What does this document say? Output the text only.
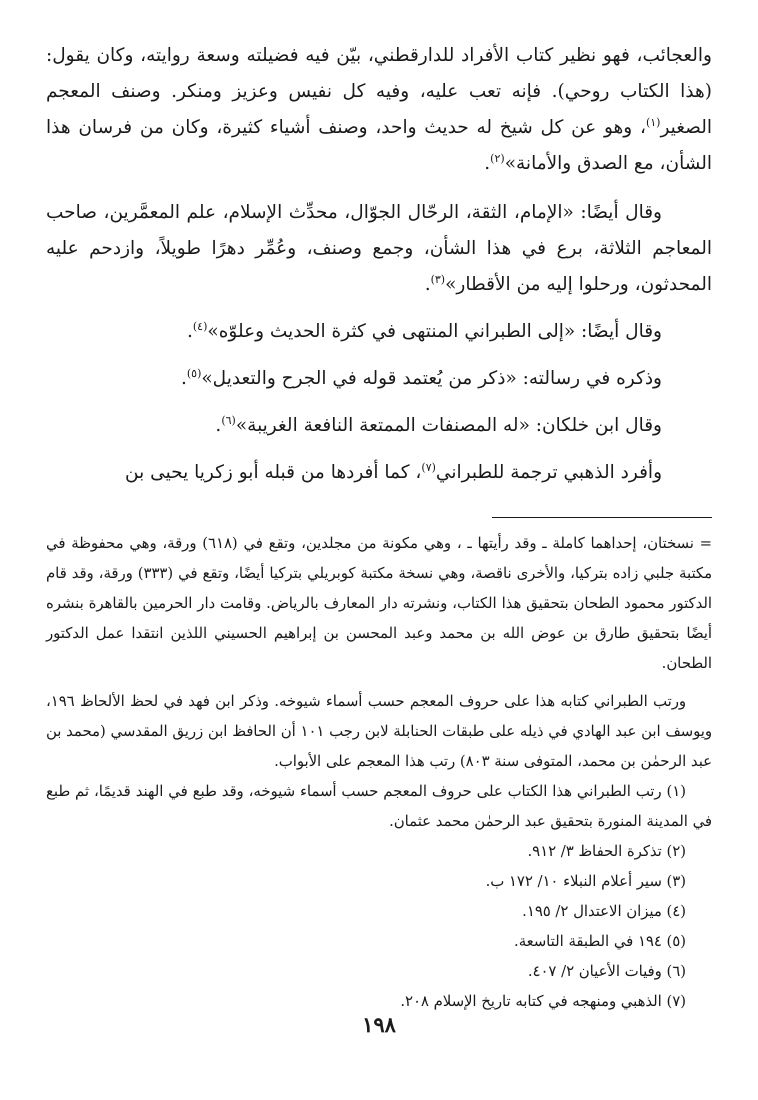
والعجائب، فهو نظير كتاب الأفراد للدارقطني، بيّن فيه فضيلته وسعة روايته، وكان يقول: (هذا الكتاب روحي). فإنه تعب عليه، وفيه كل نفيس وعزيز ومنكر. وصنف المعجم الصغير$^{(١)}$، وهو عن كل شيخ له حديث واحد، وصنف أشياء كثيرة، وكان من فرسان هذا الشأن، مع الصدق والأمانة»$^{(٢)}$.

وقال أيضًا: «الإمام، الثقة، الرحّال الجوّال، محدِّث الإسلام، علم المعمَّرين، صاحب المعاجم الثلاثة، برع في هذا الشأن، وجمع وصنف، وعُمِّر دهرًا طويلاً، وازدحم عليه المحدثون، ورحلوا إليه من الأقطار»$^{(٣)}$.

وقال أيضًا: «إلى الطبراني المنتهى في كثرة الحديث وعلوّه»$^{(٤)}$.

وذكره في رسالته: «ذكر من يُعتمد قوله في الجرح والتعديل»$^{(٥)}$.

وقال ابن خلكان: «له المصنفات الممتعة النافعة الغريبة»$^{(٦)}$.

وأفرد الذهبي ترجمة للطبراني$^{(٧)}$، كما أفردها من قبله أبو زكريا يحيى بن

= نسختان، إحداهما كاملة ـ وقد رأيتها ـ ، وهي مكونة من مجلدين، وتقع في (٦١٨) ورقة، وهي محفوظة في مكتبة جلبي زاده بتركيا، والأخرى ناقصة، وهي نسخة مكتبة كوبريلي بتركيا أيضًا، وتقع في (٣٣٣) ورقة، وقد قام الدكتور محمود الطحان بتحقيق هذا الكتاب، ونشرته دار المعارف بالرياض. وقامت دار الحرمين بالقاهرة بنشره أيضًا بتحقيق طارق بن عوض الله بن محمد وعبد المحسن بن إبراهيم الحسيني اللذين انتقدا عمل الدكتور الطحان.

ورتب الطبراني كتابه هذا على حروف المعجم حسب أسماء شيوخه. وذكر ابن فهد في لحظ الألحاظ ١٩٦، ويوسف ابن عبد الهادي في ذيله على طبقات الحنابلة لابن رجب ١٠١ أن الحافظ ابن زريق المقدسي (محمد بن عبد الرحمٰن بن محمد، المتوفى سنة ٨٠٣) رتب هذا المعجم على الأبواب.

(١) رتب الطبراني هذا الكتاب على حروف المعجم حسب أسماء شيوخه، وقد طبع في الهند قديمًا، ثم طبع في المدينة المنورة بتحقيق عبد الرحمٰن محمد عثمان.

(٢) تذكرة الحفاظ ٣/ ٩١٢.

(٣) سير أعلام النبلاء ١٠/ ١٧٢ ب.

(٤) ميزان الاعتدال ٢/ ١٩٥.

(٥) ١٩٤ في الطبقة التاسعة.

(٦) وفيات الأعيان ٢/ ٤٠٧.

(٧) الذهبي ومنهجه في كتابه تاريخ الإسلام ٢٠٨.

١٩٨
